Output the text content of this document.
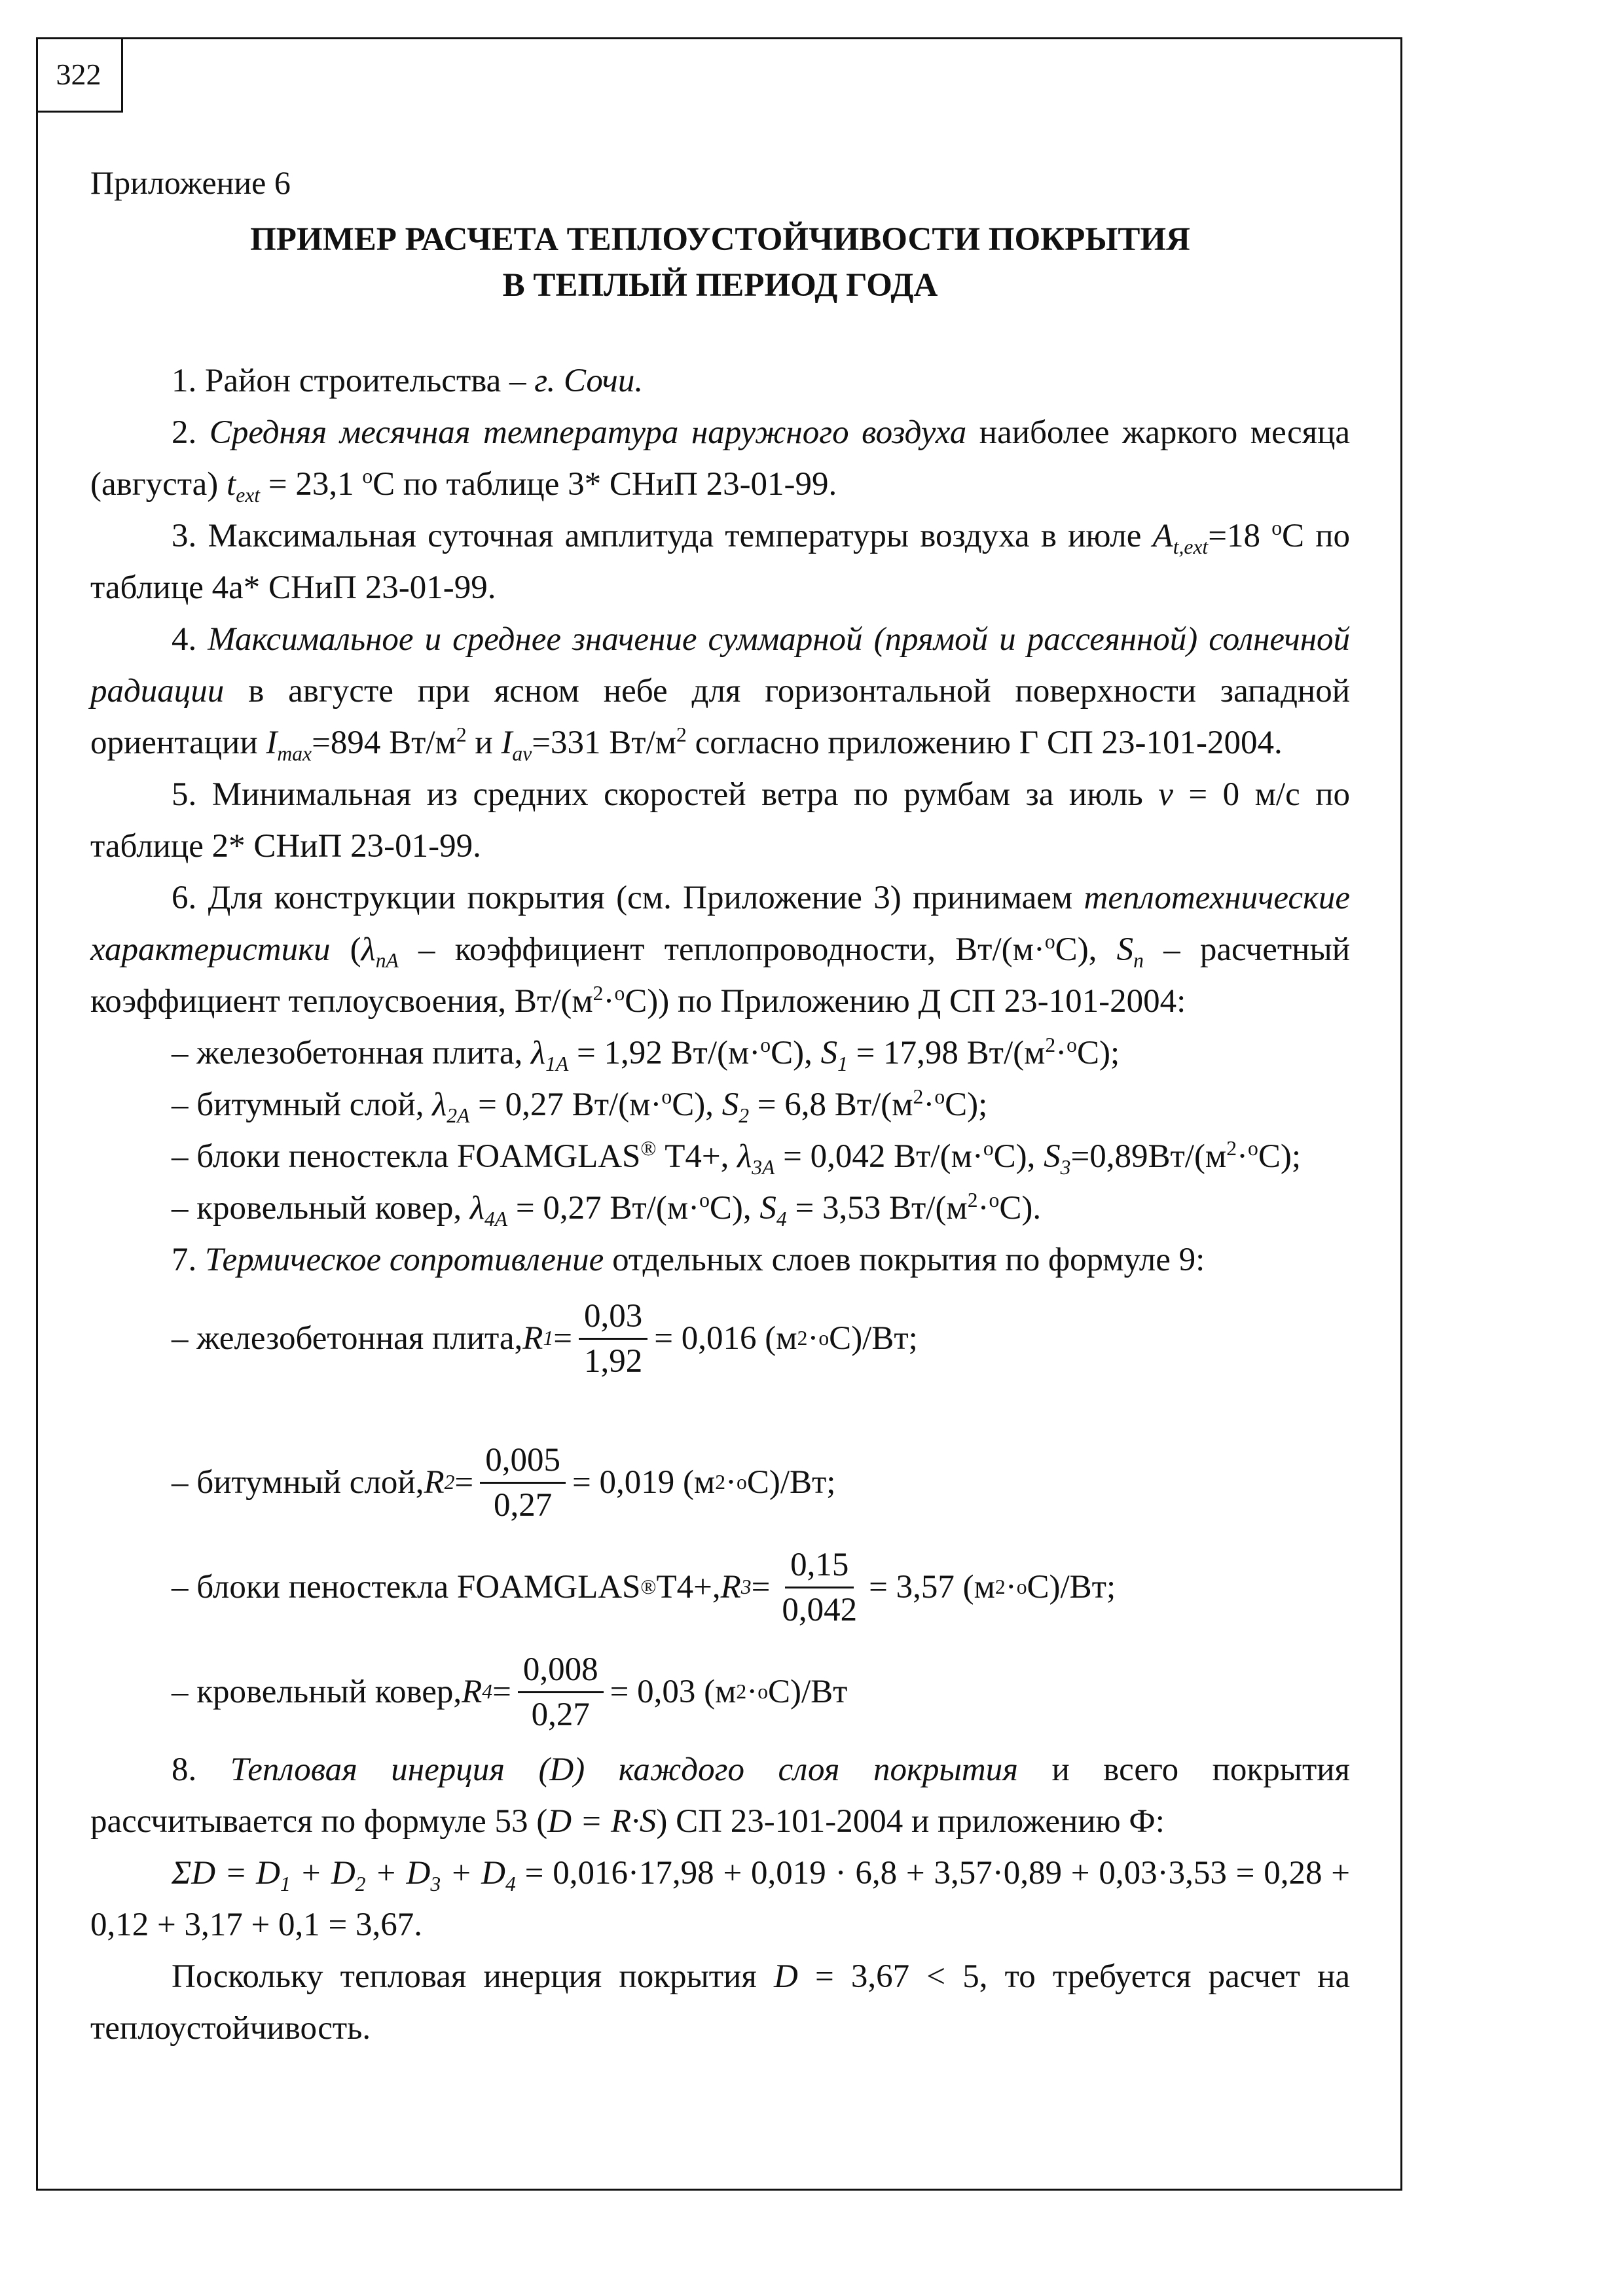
322
Приложение 6

ПРИМЕР РАСЧЕТА ТЕПЛОУСТОЙЧИВОСТИ ПОКРЫТИЯ

В ТЕПЛЫЙ ПЕРИОД ГОДА

1. Район строительства – г. Сочи.

2. Средняя месячная температура наружного воздуха наиболее жаркого месяца (августа) $t_{ext} = 23,1$ $^o$С по таблице 3* СНиП 23-01-99.

3. Максимальная суточная амплитуда температуры воздуха в июле $A_{t,ext}=18$ $^o$С по таблице 4а* СНиП 23-01-99.

4. Максимальное и среднее значение суммарной (прямой и рассеянной) солнечной радиации в августе при ясном небе для горизонтальной поверхности западной ориентации $I_{max}=894$ $Вт/м^2$ и $I_{av}=331$ $Вт/м^2$ согласно приложению Г СП 23-101-2004.

5. Минимальная из средних скоростей ветра по румбам за июль v = 0 м/с по таблице 2* СНиП 23-01-99.

6. Для конструкции покрытия (см. Приложение 3) принимаем теплотехнические характеристики ($\lambda_{nA}$ – коэффициент теплопроводности, Вт/(м·$^o$С), $S_n$ – расчетный коэффициент теплоусвоения, $Вт/(м^2\cdot^oС)$) по Приложению Д СП 23-101-2004:

– железобетонная плита, $\lambda_{1A} = 1,92$ Вт/(м·$^o$С), $S_1 = 17,98$ $Вт/(м^2\cdot^oС)$;
– битумный слой, $\lambda_{2A} = 0,27$ Вт/(м·$^o$С), $S_2 = 6,8$ $Вт/(м^2\cdot^oС)$;
– блоки пеностекла FOAMGLAS® Т4+, $\lambda_{3A} = 0,042$ Вт/(м·$^o$С), $S_3=0,89Вт/(м^2\cdot^oС)$;
– кровельный ковер, $\lambda_{4A} = 0,27$ Вт/(м·$^o$С), $S_4 = 3,53$ $Вт/(м^2\cdot^oС)$.

7. Термическое сопротивление отдельных слоев покрытия по формуле 9:

– железобетонная плита, R $1 = \frac{0,03}{1,92} = 0,016$ (м 2 · o С)/Вт;
– битумный слой, R $2 = \frac{0,005}{0,27} = 0,019$ (м 2 · o С)/Вт;
– блоки пеностекла FOAMGLAS ® Т4+, R $3 = \frac{0,15}{0,042} = 3,57$ (м 2 · o С)/Вт;
– кровельный ковер, R $4 = \frac{0,008}{0,27} = 0,03$ (м 2 · o С)/Вт

8. Тепловая инерция (D) каждого слоя покрытия и всего покрытия рассчитывается по формуле 53 (D = R·S) СП 23-101-2004 и приложению Ф:

$\Sigma D = D_1 + D_2 + D_3 + D_4 = 0,016\cdot 17,98 + 0,019 \cdot 6,8 + 3,57\cdot 0,89 + 0,03\cdot 3,53 = 0,28 + 0,12 + 3,17 + 0,1 = 3,67$.

Поскольку тепловая инерция покрытия D = 3,67 < 5, то требуется расчет на теплоустойчивость.
